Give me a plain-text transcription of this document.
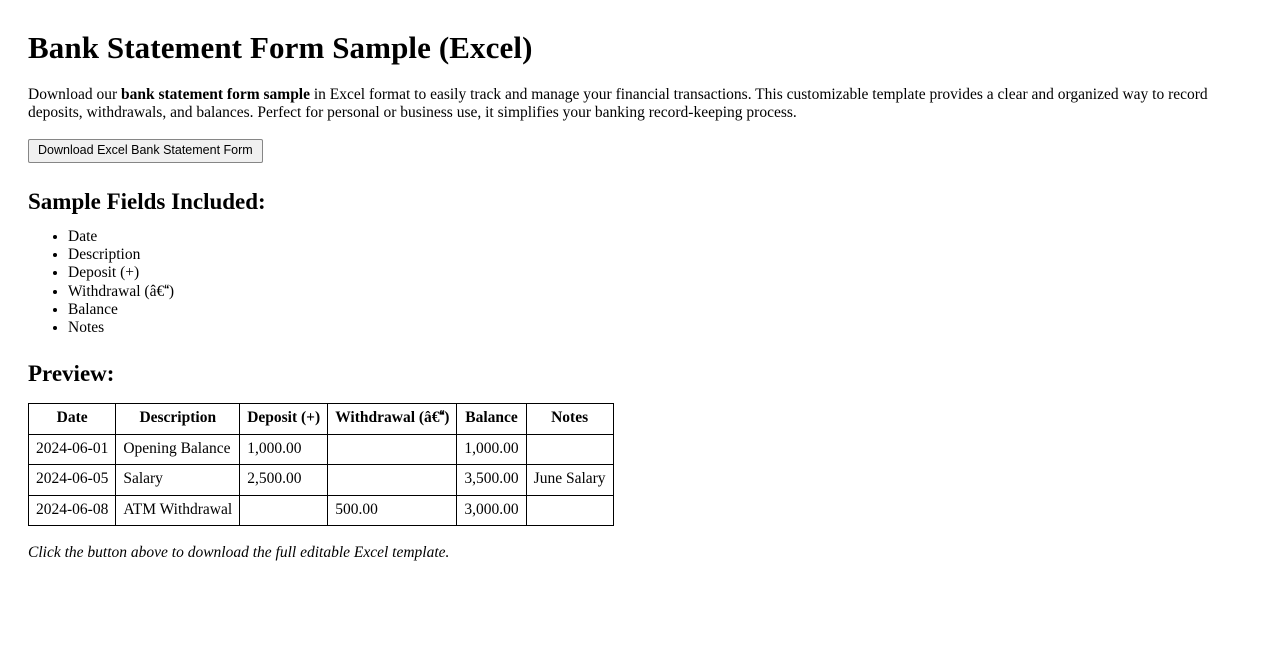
Bank Statement Form Sample (Excel)

Download our bank statement form sample in Excel format to easily track and manage your financial transactions. This customizable template provides a clear and organized way to record deposits, withdrawals, and balances. Perfect for personal or business use, it simplifies your banking record-keeping process.

Download Excel Bank Statement Form
Sample Fields Included:
• Date
• Description
• Deposit (+)
• Withdrawal (â€)
• Balance
• Notes
Preview:
Date	Description	Deposit (+)	Withdrawal (â€)	Balance	Notes
2024-06-01	Opening Balance	1,000.00		1,000.00	
2024-06-05	Salary	2,500.00		3,500.00	June Salary
2024-06-08	ATM Withdrawal		500.00	3,000.00	

Click the button above to download the full editable Excel template.
